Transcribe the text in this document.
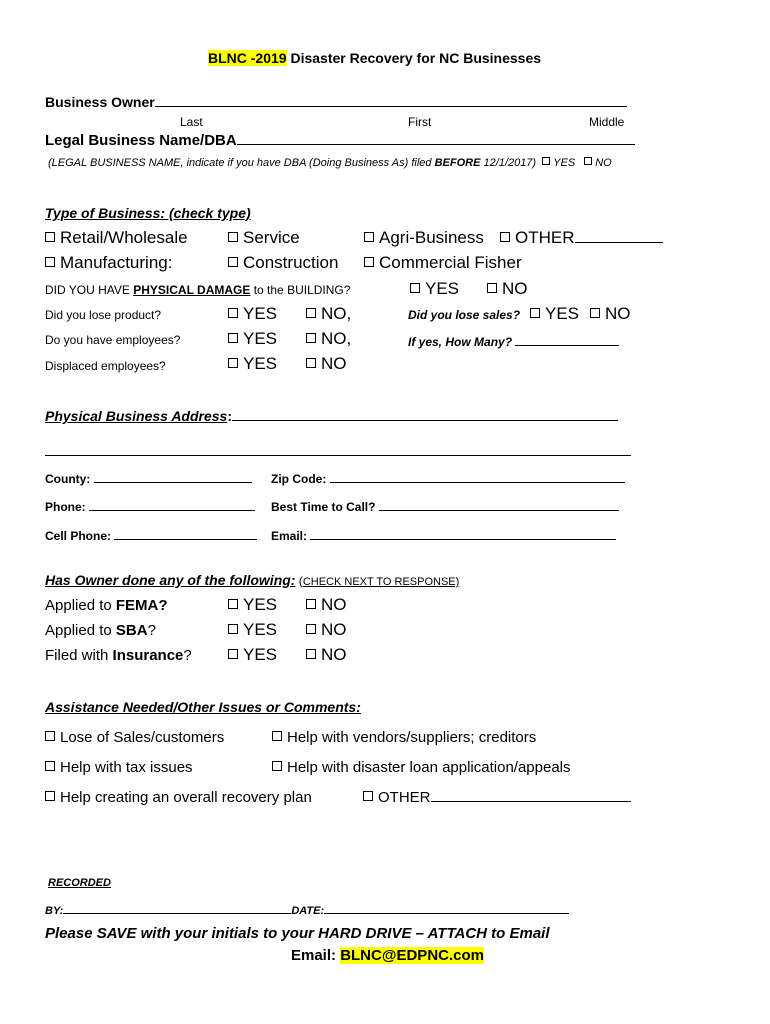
BLNC -2019 Disaster Recovery for NC Businesses
Business Owner
Last	First	Middle
Legal Business Name/DBA
(LEGAL BUSINESS NAME, indicate if you have DBA (Doing Business As) filed BEFORE 12/1/2017) YES NO
Type of Business: (check type)
Retail/Wholesale	Service	Agri-Business	OTHER
Manufacturing:	Construction	Commercial Fisher
DID YOU HAVE PHYSICAL DAMAGE to the BUILDING?	YES	NO
Did you lose product?	YES	NO,	Did you lose sales?	YES	NO
Do you have employees?	YES	NO,	If yes, How Many?
Displaced employees?	YES	NO
Physical Business Address:
County:	Zip Code:
Phone:	Best Time to Call?
Cell Phone:	Email:
Has Owner done any of the following: (CHECK NEXT TO RESPONSE)
Applied to FEMA?	YES	NO
Applied to SBA?	YES	NO
Filed with Insurance?	YES	NO
Assistance Needed/Other Issues or Comments:
Lose of Sales/customers	Help with vendors/suppliers; creditors
Help with tax issues	Help with disaster loan application/appeals
Help creating an overall recovery plan	OTHER
RECORDED
BY:	DATE:
Please SAVE with your initials to your HARD DRIVE – ATTACH to Email
Email: BLNC@EDPNC.com
